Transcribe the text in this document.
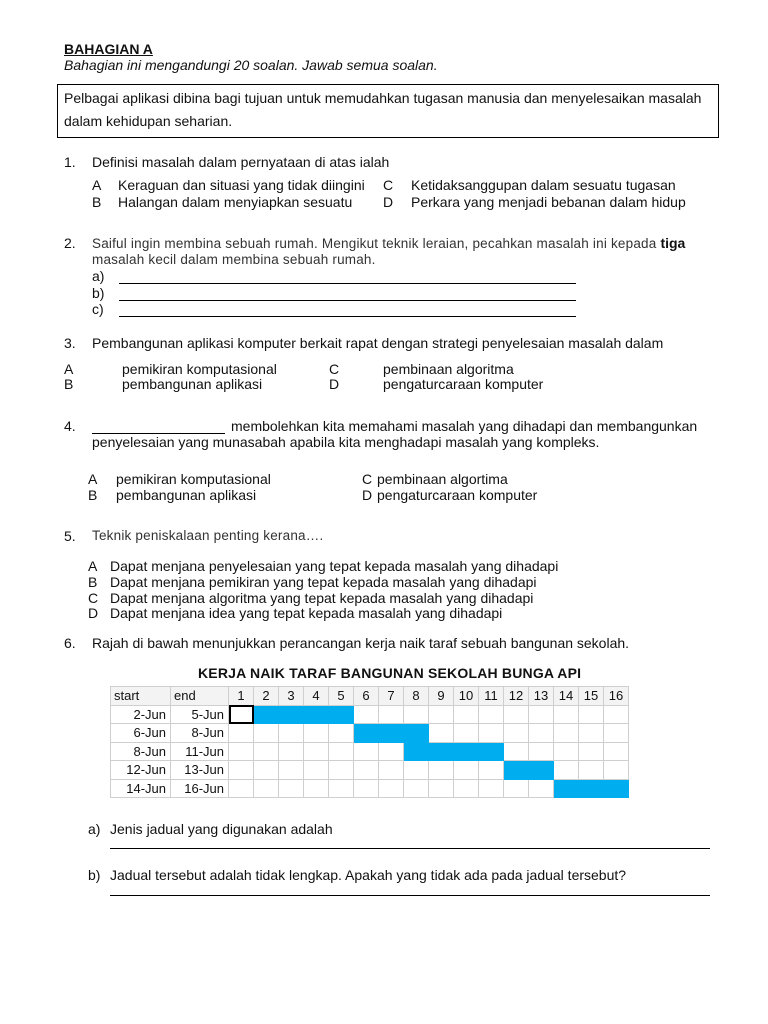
BAHAGIAN A
Bahagian ini mengandungi 20 soalan. Jawab semua soalan.
Pelbagai aplikasi dibina bagi tujuan untuk memudahkan tugasan manusia dan menyelesaikan masalah
dalam kehidupan seharian.
1. Definisi masalah dalam pernyataan di atas ialah
A Keraguan dan situasi yang tidak diingini C Ketidaksanggupan dalam sesuatu tugasan
B Halangan dalam menyiapkan sesuatu D Perkara yang menjadi bebanan dalam hidup
2. Saiful ingin membina sebuah rumah. Mengikut teknik leraian, pecahkan masalah ini kepada tiga
masalah kecil dalam membina sebuah rumah.
a)
b)
c)
3. Pembangunan aplikasi komputer berkait rapat dengan strategi penyelesaian masalah dalam
A	pemikiran komputasional	C	pembinaan algoritma
B	pembangunan aplikasi	D	pengaturcaraan komputer
4.	membolehkan kita memahami masalah yang dihadapi dan membangunkan
penyelesaian yang munasabah apabila kita menghadapi masalah yang kompleks.
A pemikiran komputasional	C pembinaan algortima
B pembangunan aplikasi	D pengaturcaraan komputer
5. Teknik peniskalaan penting kerana….
A Dapat menjana penyelesaian yang tepat kepada masalah yang dihadapi
B Dapat menjana pemikiran yang tepat kepada masalah yang dihadapi
C Dapat menjana algoritma yang tepat kepada masalah yang dihadapi
D Dapat menjana idea yang tepat kepada masalah yang dihadapi
6. Rajah di bawah menunjukkan perancangan kerja naik taraf sebuah bangunan sekolah.
KERJA NAIK TARAF BANGUNAN SEKOLAH BUNGA API
start	end	1	2	3	4	5	6	7	8	9	10	11	12	13	14	15	16
2-Jun	5-Jun																
6-Jun	8-Jun																
8-Jun	11-Jun																
12-Jun	13-Jun																
14-Jun	16-Jun																
a) Jenis jadual yang digunakan adalah
b) Jadual tersebut adalah tidak lengkap. Apakah yang tidak ada pada jadual tersebut?
